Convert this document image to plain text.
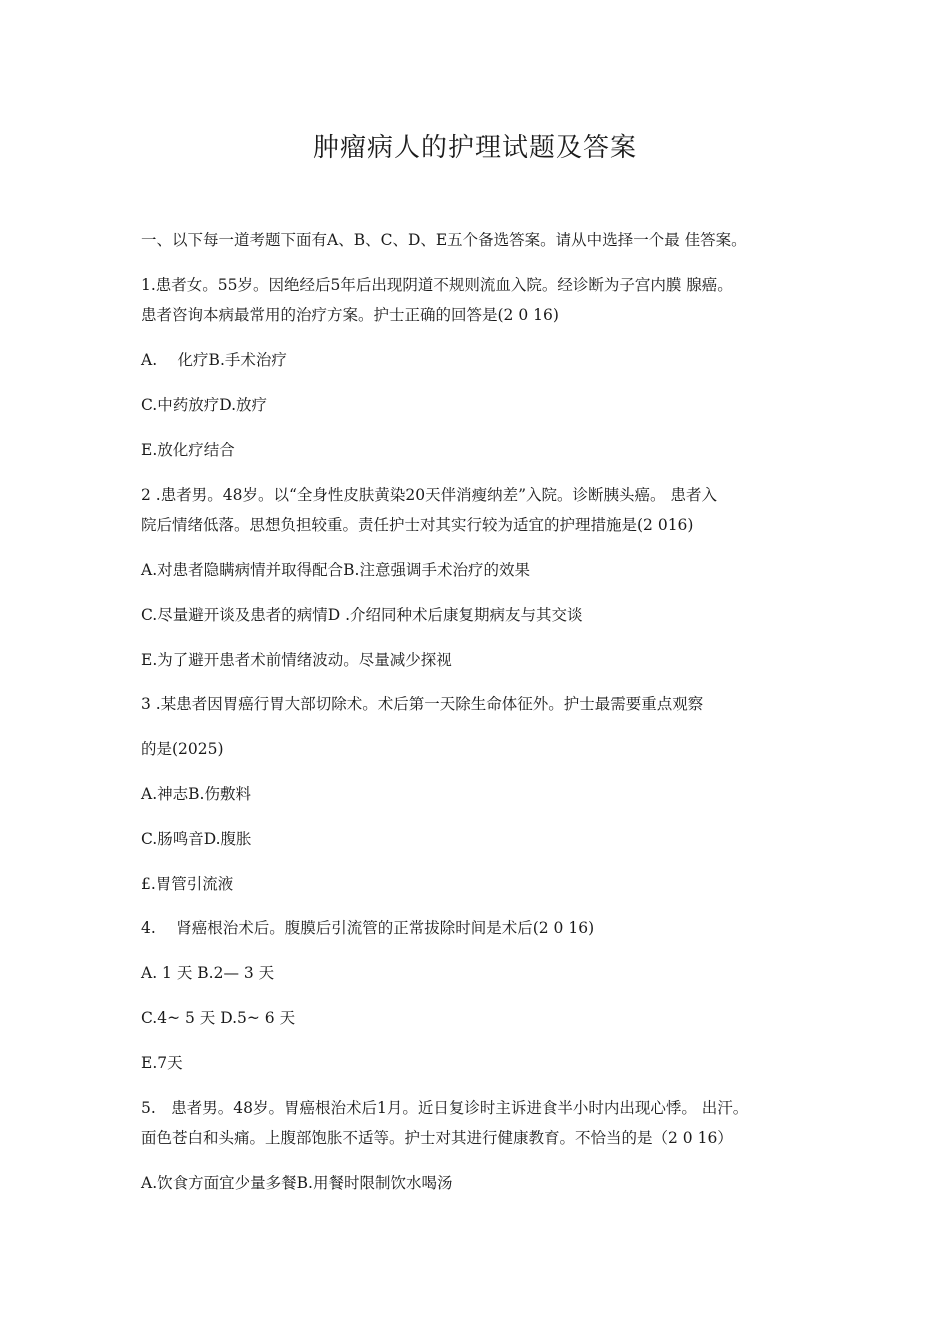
肿瘤病人的护理试题及答案

一、以下每一道考题下面有A、B、C、D、E五个备选答案。请从中选择一个最 佳答案。

1.患者女。55岁。因绝经后5年后出现阴道不规则流血入院。经诊断为子宫内膜 腺癌。

患者咨询本病最常用的治疗方案。护士正确的回答是(2 0 16)

A.　 化疗B.手术治疗

C.中药放疗D.放疗

E.放化疗结合

2 .患者男。48岁。以“全身性皮肤黄染20天伴消瘦纳差”入院。诊断胰头癌。 患者入

院后情绪低落。思想负担较重。责任护士对其实行较为适宜的护理措施是(2 016)

A.对患者隐瞒病情并取得配合B.注意强调手术治疗的效果

C.尽量避开谈及患者的病情D .介绍同种术后康复期病友与其交谈

E.为了避开患者术前情绪波动。尽量减少探视

3 .某患者因胃癌行胃大部切除术。术后第一天除生命体征外。护士最需要重点观察

的是(2025)

A.神志B.伤敷料

C.肠鸣音D.腹胀

£.胃管引流液

4.　 肾癌根治术后。腹膜后引流管的正常拔除时间是术后(2 0 16)

A. 1 天 B.2— 3 天

C.4~ 5 天 D.5~ 6 天

E.7天

5.　患者男。48岁。胃癌根治术后1月。近日复诊时主诉进食半小时内出现心悸。 出汗。

面色苍白和头痛。上腹部饱胀不适等。护士对其进行健康教育。不恰当的是（2 0 16）

A.饮食方面宜少量多餐B.用餐时限制饮水喝汤
